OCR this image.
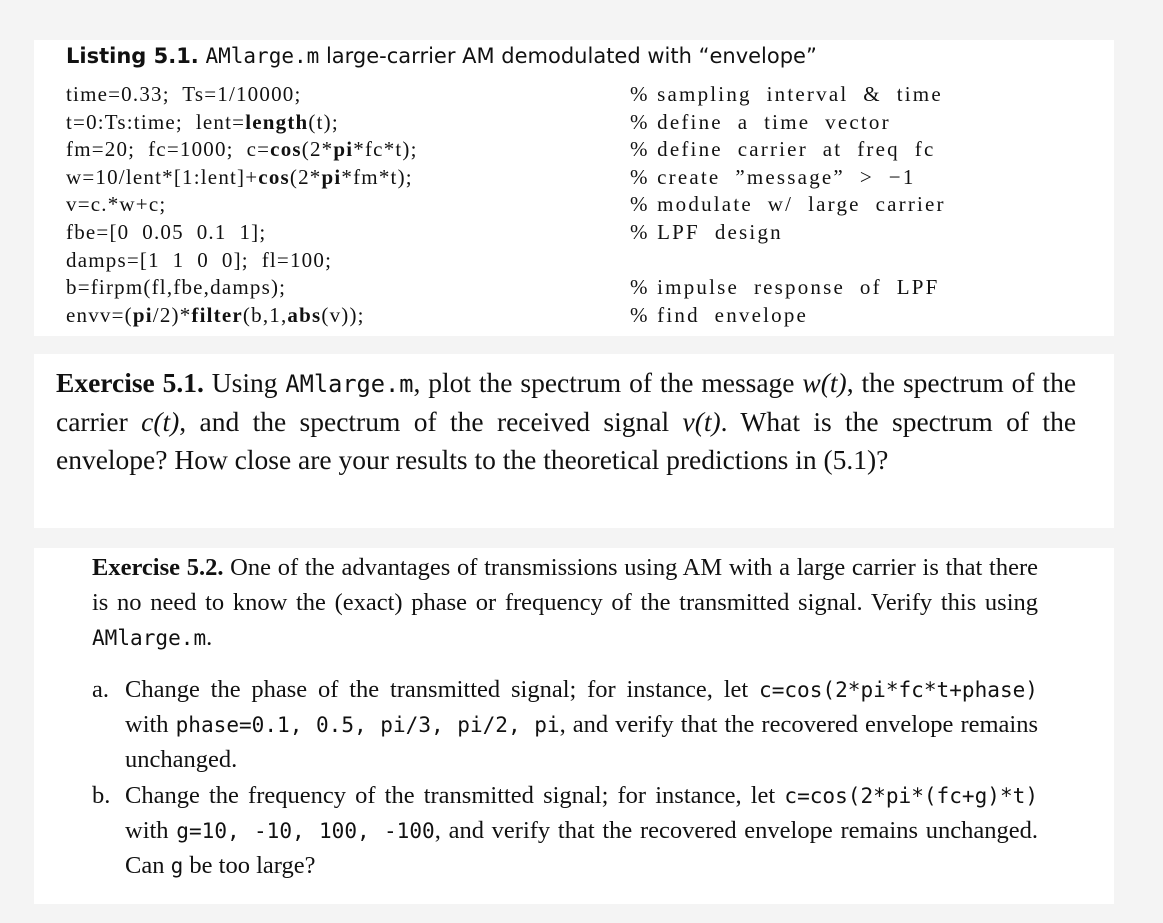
Listing 5.1. AMlarge.m large-carrier AM demodulated with “envelope”
time=0.33;  Ts=1/10000;	% sampling  interval  &  time
t=0:Ts:time;  lent=length(t);	% define  a  time  vector
fm=20;  fc=1000;  c=cos(2*pi*fc*t);	% define  carrier  at  freq  fc
w=10/lent*[1:lent]+cos(2*pi*fm*t);	% create  ”message”  >  −1
v=c.*w+c;	% modulate  w/  large  carrier
fbe=[0  0.05  0.1  1];	% LPF  design
damps=[1  1  0  0];  fl=100;
b=firpm(fl,fbe,damps);	% impulse  response  of  LPF
envv=(pi/2)*filter(b,1,abs(v));	% find  envelope
Exercise 5.1. Using AMlarge.m, plot the spectrum of the message w(t), the spectrum of the carrier c(t), and the spectrum of the received signal v(t). What is the spectrum of the envelope? How close are your results to the theoretical predictions in (5.1)?
Exercise 5.2. One of the advantages of transmissions using AM with a large carrier is that there is no need to know the (exact) phase or frequency of the transmitted signal. Verify this using AMlarge.m.
a. Change the phase of the transmitted signal; for instance, let c=cos(2*pi*fc*t+phase) with phase=0.1, 0.5, pi/3, pi/2, pi, and verify that the recovered envelope remains unchanged.
b. Change the frequency of the transmitted signal; for instance, let c=cos(2*pi*(fc+g)*t) with g=10, -10, 100, -100, and verify that the recovered envelope remains unchanged. Can g be too large?
